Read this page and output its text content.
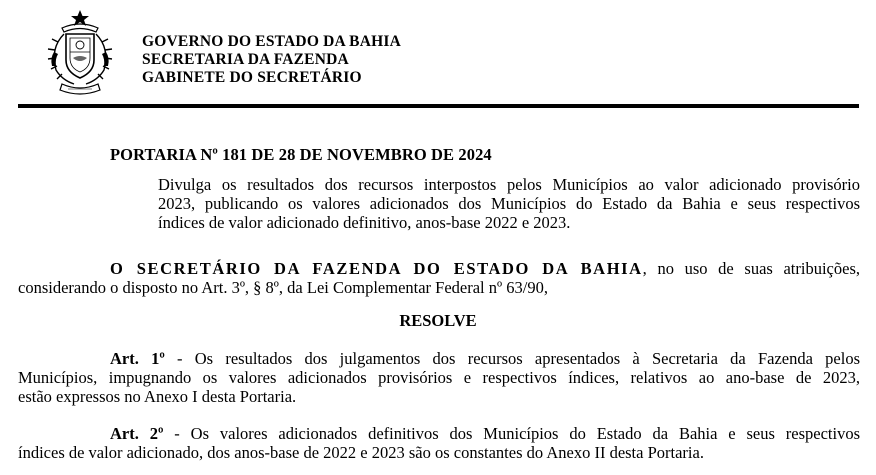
GOVERNO DO ESTADO DA BAHIA
SECRETARIA DA FAZENDA
GABINETE DO SECRETÁRIO
PORTARIA Nº 181 DE 28 DE NOVEMBRO DE 2024
Divulga os resultados dos recursos interpostos pelos Municípios ao valor adicionado provisório
2023, publicando os valores adicionados dos Municípios do Estado da Bahia e seus respectivos
índices de valor adicionado definitivo, anos-base 2022 e 2023.
O SECRETÁRIO DA FAZENDA DO ESTADO DA BAHIA, no uso de suas atribuições,
considerando o disposto no Art. 3º, § 8º, da Lei Complementar Federal nº 63/90,
RESOLVE
Art. 1º - Os resultados dos julgamentos dos recursos apresentados à Secretaria da Fazenda pelos
Municípios, impugnando os valores adicionados provisórios e respectivos índices, relativos ao ano-base de 2023,
estão expressos no Anexo I desta Portaria.
Art. 2º - Os valores adicionados definitivos dos Municípios do Estado da Bahia e seus respectivos
índices de valor adicionado, dos anos-base de 2022 e 2023 são os constantes do Anexo II desta Portaria.
